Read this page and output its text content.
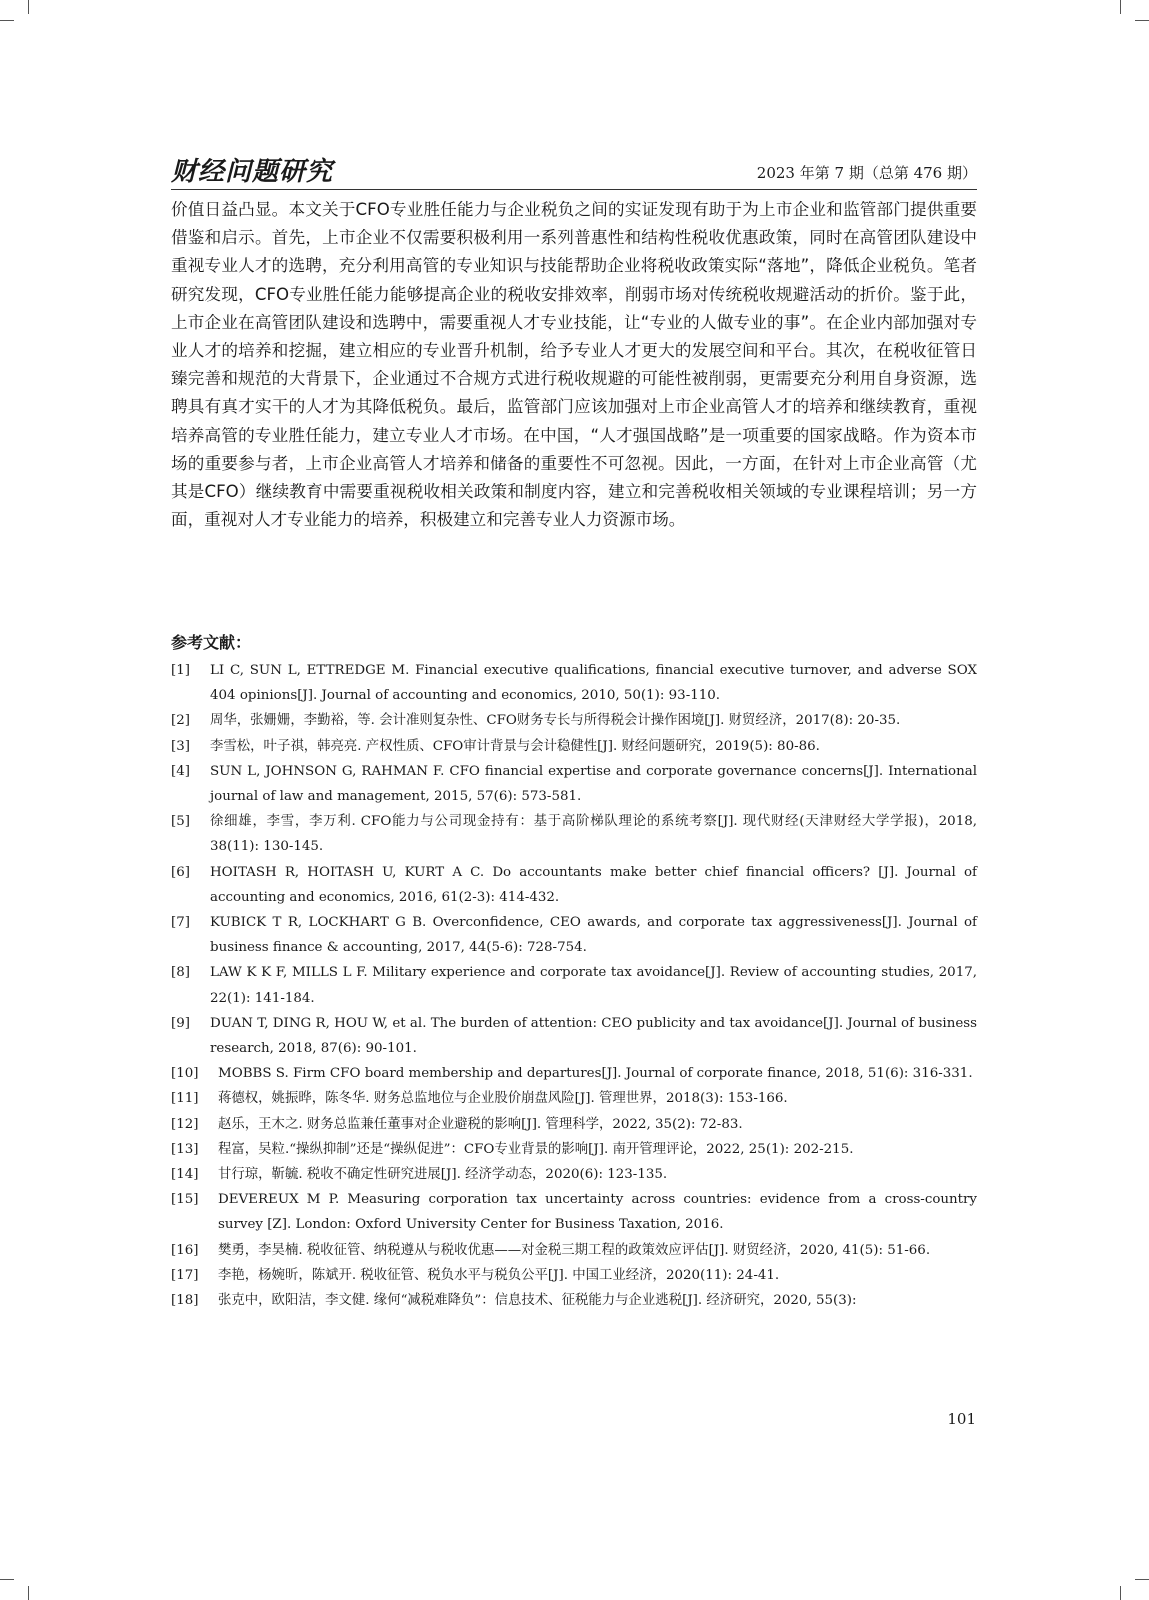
财经问题研究	2023 年第 7 期（总第 476 期）
价值日益凸显。本文关于CFO专业胜任能力与企业税负之间的实证发现有助于为上市企业和监管部门提供重要借鉴和启示。首先，上市企业不仅需要积极利用一系列普惠性和结构性税收优惠政策，同时在高管团队建设中重视专业人才的选聘，充分利用高管的专业知识与技能帮助企业将税收政策实际“落地”，降低企业税负。笔者研究发现，CFO专业胜任能力能够提高企业的税收安排效率，削弱市场对传统税收规避活动的折价。鉴于此，上市企业在高管团队建设和选聘中，需要重视人才专业技能，让“专业的人做专业的事”。在企业内部加强对专业人才的培养和挖掘，建立相应的专业晋升机制，给予专业人才更大的发展空间和平台。其次，在税收征管日臻完善和规范的大背景下，企业通过不合规方式进行税收规避的可能性被削弱，更需要充分利用自身资源，选聘具有真才实干的人才为其降低税负。最后，监管部门应该加强对上市企业高管人才的培养和继续教育，重视培养高管的专业胜任能力，建立专业人才市场。在中国，“人才强国战略”是一项重要的国家战略。作为资本市场的重要参与者，上市企业高管人才培养和储备的重要性不可忽视。因此，一方面，在针对上市企业高管（尤其是CFO）继续教育中需要重视税收相关政策和制度内容，建立和完善税收相关领域的专业课程培训；另一方面，重视对人才专业能力的培养，积极建立和完善专业人力资源市场。
参考文献：
[1] LI C, SUN L, ETTREDGE M. Financial executive qualifications, financial executive turnover, and adverse SOX 404 opinions[J]. Journal of accounting and economics, 2010, 50(1): 93-110.
[2] 周华，张姗姗，李勤裕，等. 会计准则复杂性、CFO财务专长与所得税会计操作困境[J]. 财贸经济，2017(8): 20-35.
[3] 李雪松，叶子祺，韩亮亮. 产权性质、CFO审计背景与会计稳健性[J]. 财经问题研究，2019(5): 80-86.
[4] SUN L, JOHNSON G, RAHMAN F. CFO financial expertise and corporate governance concerns[J]. International journal of law and management, 2015, 57(6): 573-581.
[5] 徐细雄，李雪，李万利. CFO能力与公司现金持有：基于高阶梯队理论的系统考察[J]. 现代财经(天津财经大学学报)，2018, 38(11): 130-145.
[6] HOITASH R, HOITASH U, KURT A C. Do accountants make better chief financial officers? [J]. Journal of accounting and economics, 2016, 61(2-3): 414-432.
[7] KUBICK T R, LOCKHART G B. Overconfidence, CEO awards, and corporate tax aggressiveness[J]. Journal of business finance & accounting, 2017, 44(5-6): 728-754.
[8] LAW K K F, MILLS L F. Military experience and corporate tax avoidance[J]. Review of accounting studies, 2017, 22(1): 141-184.
[9] DUAN T, DING R, HOU W, et al. The burden of attention: CEO publicity and tax avoidance[J]. Journal of business research, 2018, 87(6): 90-101.
[10] MOBBS S. Firm CFO board membership and departures[J]. Journal of corporate finance, 2018, 51(6): 316-331.
[11] 蒋德权，姚振晔，陈冬华. 财务总监地位与企业股价崩盘风险[J]. 管理世界，2018(3): 153-166.
[12] 赵乐，王木之. 财务总监兼任董事对企业避税的影响[J]. 管理科学，2022, 35(2): 72-83.
[13] 程富，吴粒.“操纵抑制”还是“操纵促进”：CFO专业背景的影响[J]. 南开管理评论，2022, 25(1): 202-215.
[14] 甘行琼，靳毓. 税收不确定性研究进展[J]. 经济学动态，2020(6): 123-135.
[15] DEVEREUX M P. Measuring corporation tax uncertainty across countries: evidence from a cross-country survey [Z]. London: Oxford University Center for Business Taxation, 2016.
[16] 樊勇，李昊楠. 税收征管、纳税遵从与税收优惠——对金税三期工程的政策效应评估[J]. 财贸经济，2020, 41(5): 51-66.
[17] 李艳，杨婉昕，陈斌开. 税收征管、税负水平与税负公平[J]. 中国工业经济，2020(11): 24-41.
[18] 张克中，欧阳洁，李文健. 缘何“减税难降负”：信息技术、征税能力与企业逃税[J]. 经济研究，2020, 55(3):
101
